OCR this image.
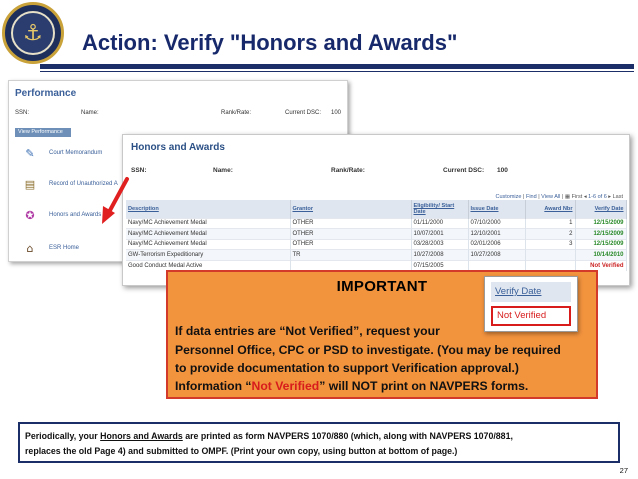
⚓	Action: Verify "Honors and Awards"
Performance
SSN:	Name:	Rank/Rate:	Current DSC: 100
View Performance
✎	Court Memorandum
▤	Record of Unauthorized A
✪	Honors and Awards
⌂	ESR Home
Honors and Awards
SSN:	Name:	Rank/Rate:	Current DSC: 100
Customize | Find | View All | ▦ First ◂ 1-6 of 6 ▸ Last
Description	Grantor	Eligibility/ Start Date	Issue Date	Award Nbr	Verify Date
Navy/MC Achievement Medal	OTHER	01/11/2000	07/10/2000	1	12/15/2009
Navy/MC Achievement Medal	OTHER	10/07/2001	12/10/2001	2	12/15/2009
Navy/MC Achievement Medal	OTHER	03/28/2003	02/01/2006	3	12/15/2009
GW-Terrorism Expeditionary	TR	10/27/2008	10/27/2008		10/14/2010
Good Conduct Medal Active		07/15/2005			Not Verified
IMPORTANT
If data entries are “Not Verified”, request your
Personnel Office, CPC or PSD to investigate. (You may be required
to provide documentation to support Verification approval.)
Information “Not Verified” will NOT print on NAVPERS forms.
Verify Date
Not Verified
Periodically, your Honors and Awards are printed as form NAVPERS 1070/880 (which, along with NAVPERS 1070/881,
replaces the old Page 4) and submitted to OMPF. (Print your own copy, using button at bottom of page.)
27
